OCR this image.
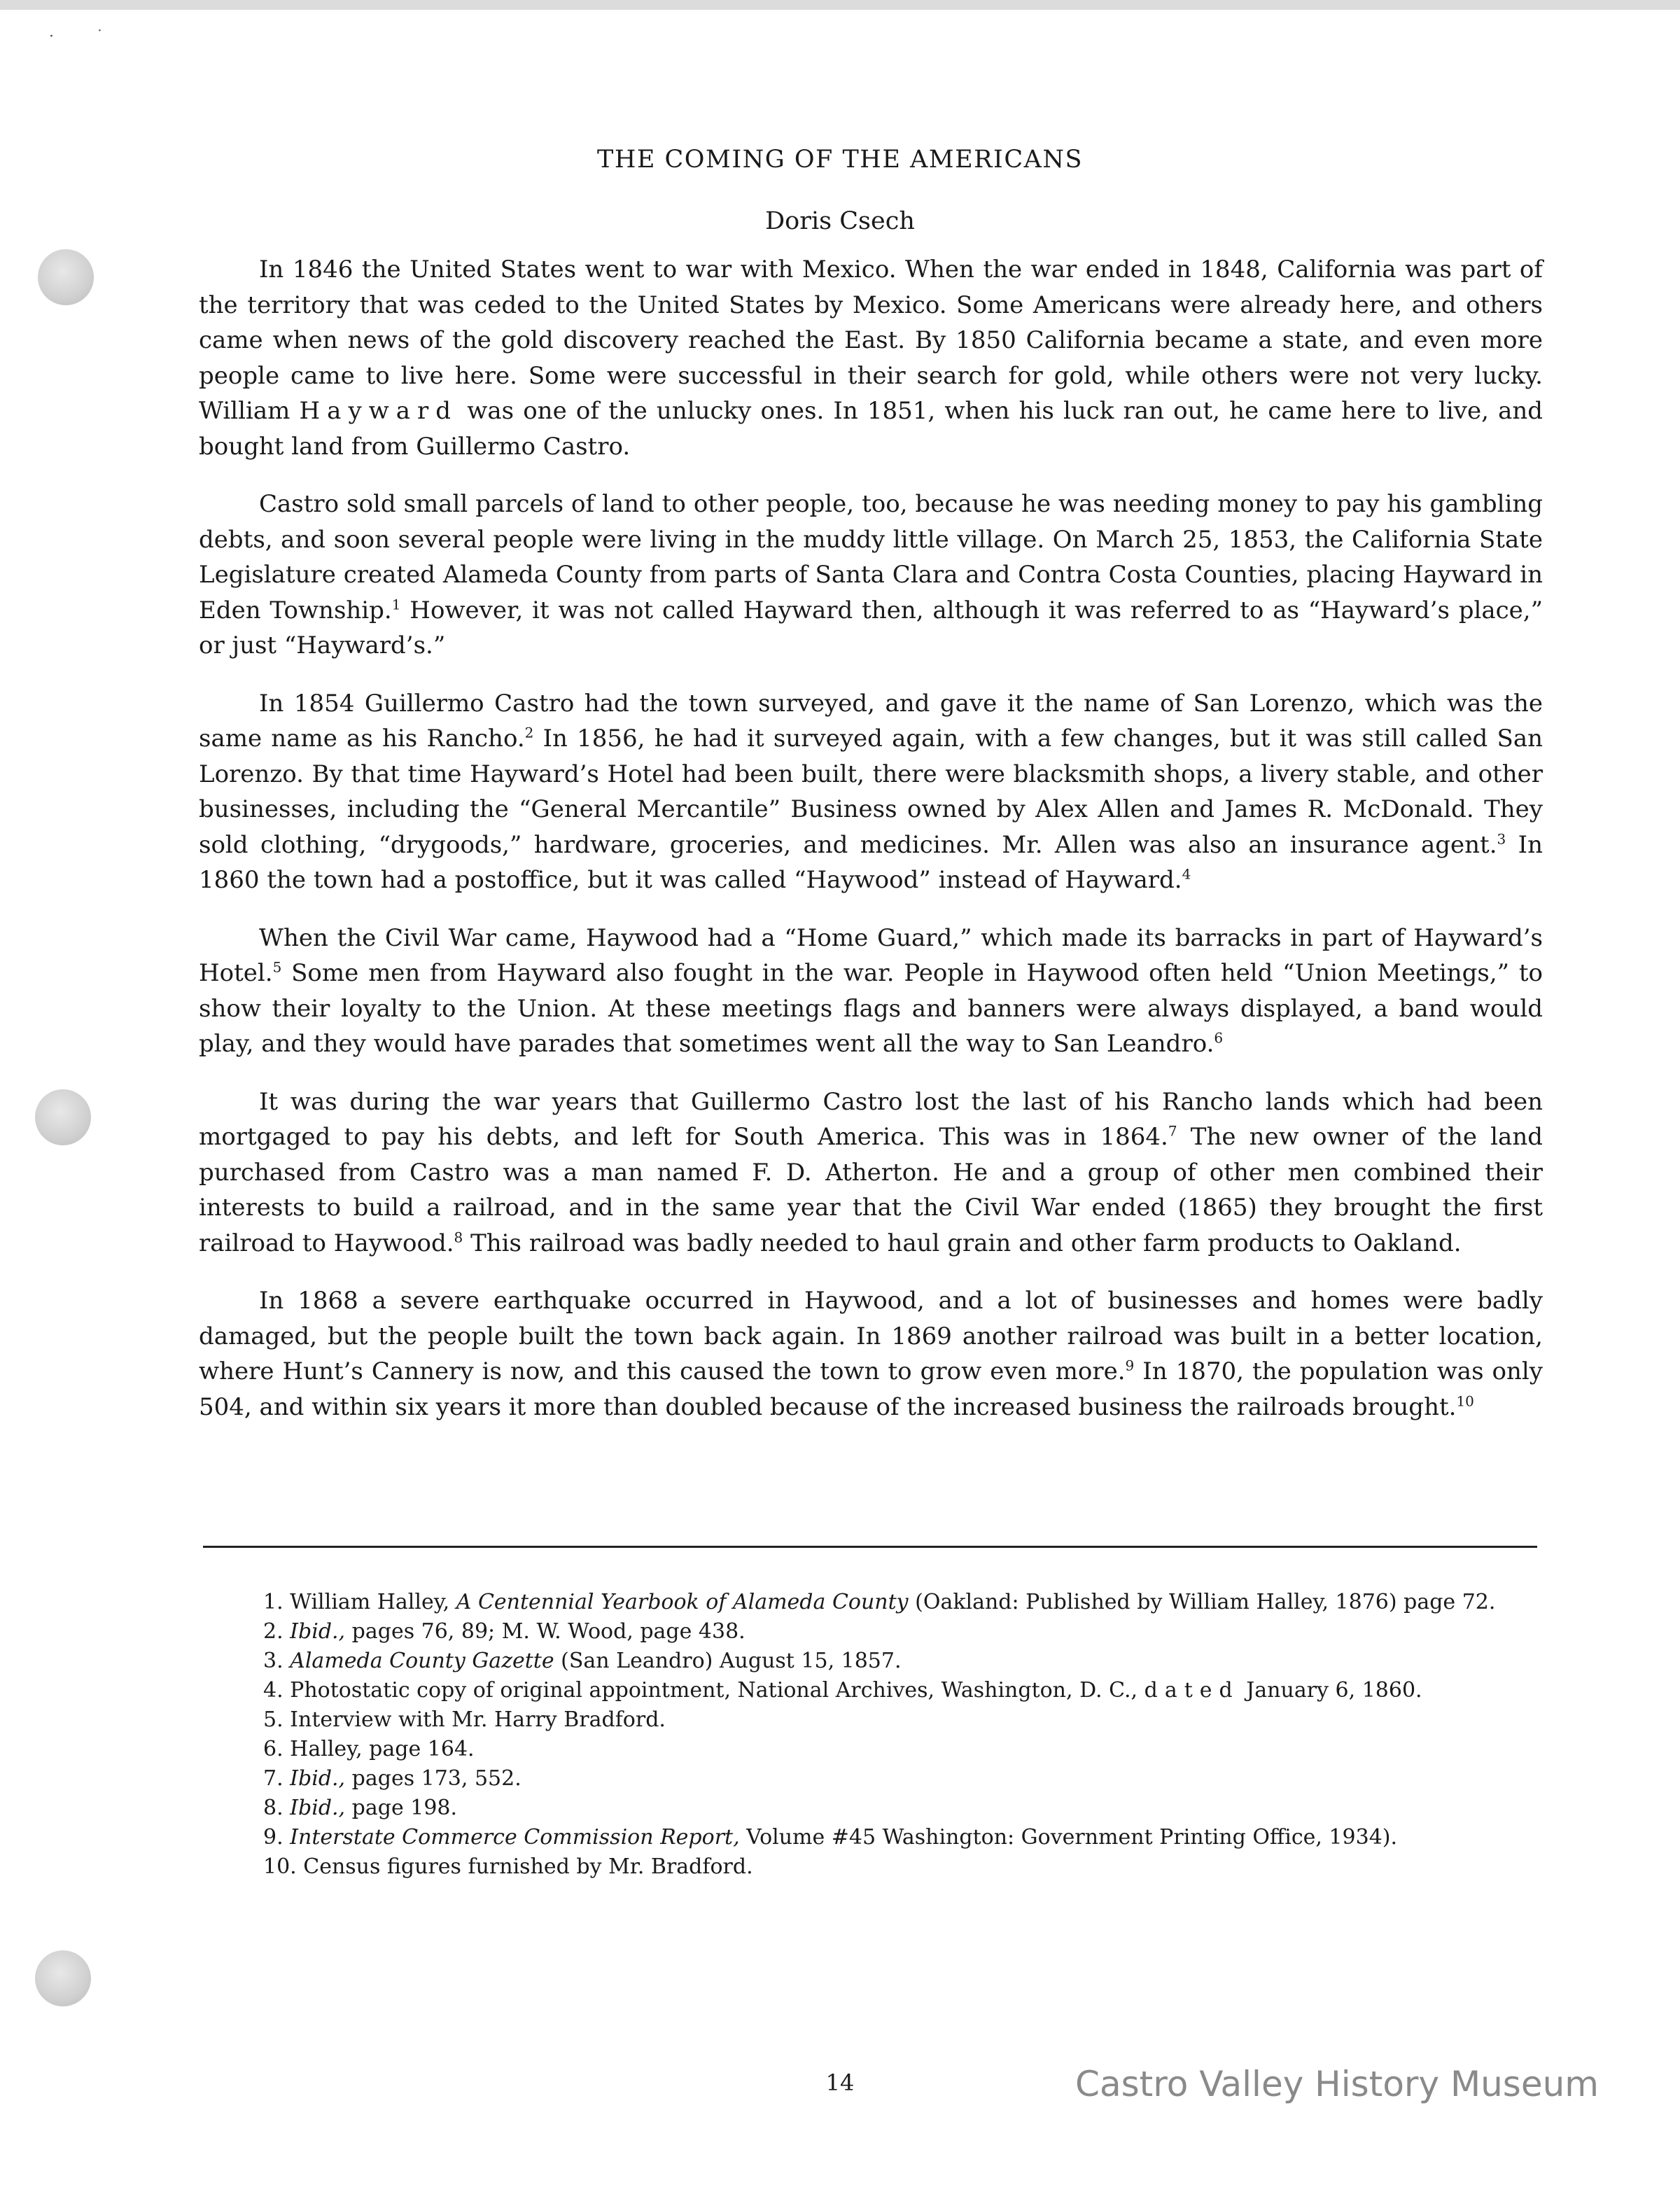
·˙
THE COMING OF THE AMERICANS
Doris Csech

In 1846 the United States went to war with Mexico. When the war ended in 1848, California was part of the territory that was ceded to the United States by Mexico. Some Americans were already here, and others came when news of the gold discovery reached the East. By 1850 California became a state, and even more people came to live here. Some were successful in their search for gold, while others were not very lucky. William Hayward was one of the unlucky ones. In 1851, when his luck ran out, he came here to live, and bought land from Guillermo Castro.

Castro sold small parcels of land to other people, too, because he was needing money to pay his gambling debts, and soon several people were living in the muddy little village. On March 25, 1853, the California State Legislature created Alameda County from parts of Santa Clara and Contra Costa Counties, placing Hayward in Eden Township.$^1$ However, it was not called Hayward then, although it was referred to as “Hayward’s place,” or just “Hayward’s.”

In 1854 Guillermo Castro had the town surveyed, and gave it the name of San Lorenzo, which was the same name as his Rancho.$^2$ In 1856, he had it surveyed again, with a few changes, but it was still called San Lorenzo. By that time Hayward’s Hotel had been built, there were blacksmith shops, a livery stable, and other businesses, including the “General Mercantile” Business owned by Alex Allen and James R. McDonald. They sold clothing, “drygoods,” hardware, groceries, and medicines. Mr. Allen was also an insurance agent.$^3$ In 1860 the town had a postoffice, but it was called “Haywood” instead of Hayward.$^4$

When the Civil War came, Haywood had a “Home Guard,” which made its barracks in part of Hayward’s Hotel.$^5$ Some men from Hayward also fought in the war. People in Haywood often held “Union Meetings,” to show their loyalty to the Union. At these meetings flags and banners were always displayed, a band would play, and they would have parades that sometimes went all the way to San Leandro.$^6$

It was during the war years that Guillermo Castro lost the last of his Rancho lands which had been mortgaged to pay his debts, and left for South America. This was in 1864.$^7$ The new owner of the land purchased from Castro was a man named F. D. Atherton. He and a group of other men combined their interests to build a railroad, and in the same year that the Civil War ended (1865) they brought the first railroad to Haywood.$^8$ This railroad was badly needed to haul grain and other farm products to Oakland.

In 1868 a severe earthquake occurred in Haywood, and a lot of businesses and homes were badly damaged, but the people built the town back again. In 1869 another railroad was built in a better location, where Hunt’s Cannery is now, and this caused the town to grow even more.$^9$ In 1870, the population was only 504, and within six years it more than doubled because of the increased business the railroads brought.$^{10}$

1. William Halley, A Centennial Yearbook of Alameda County (Oakland: Published by William Halley, 1876) page 72.

2. Ibid., pages 76, 89; M. W. Wood, page 438.

3. Alameda County Gazette (San Leandro) August 15, 1857.

4. Photostatic copy of original appointment, National Archives, Washington, D. C., dated January 6, 1860.

5. Interview with Mr. Harry Bradford.

6. Halley, page 164.

7. Ibid., pages 173, 552.

8. Ibid., page 198.

9. Interstate Commerce Commission Report, Volume #45 Washington: Government Printing Office, 1934).

10. Census figures furnished by Mr. Bradford.

14	Castro Valley History Museum
